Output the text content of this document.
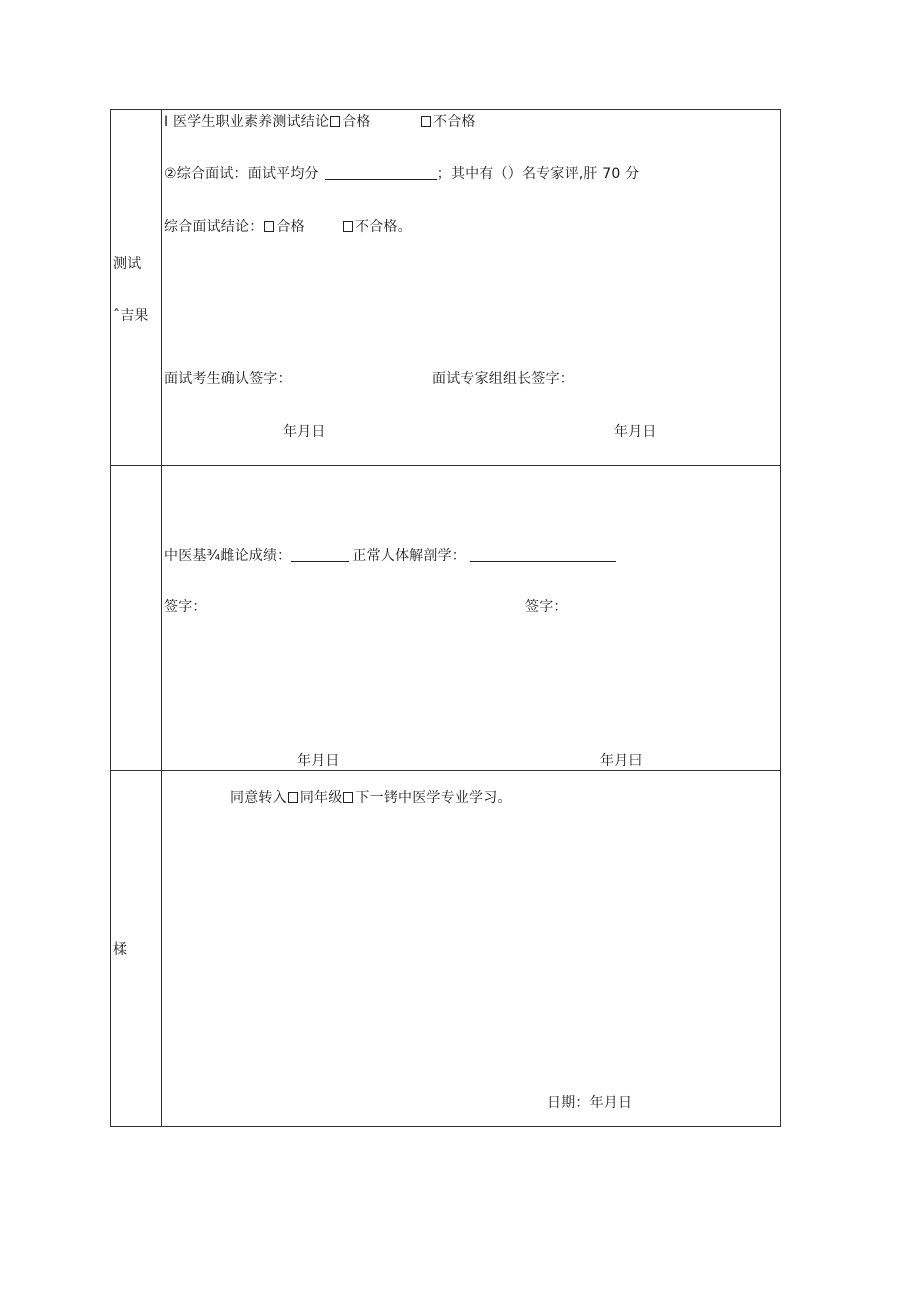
测试
ˆ吉果
I 医学生职业素养测试结论 合格	不合格
②综合面试：面试平均分	；其中有（）名专家评,肝 70 分
综合面试结论： 合格	不合格。
面试考生确认签字：	面试专家组组长签字：
年月日	年月日
中医基¾雌论成绩：	正常人体解剖学：
签字：	签字：
年月日	年月曰
楺
同意转入 同年级 下一铐中医学专业学习。
日期：年月日
